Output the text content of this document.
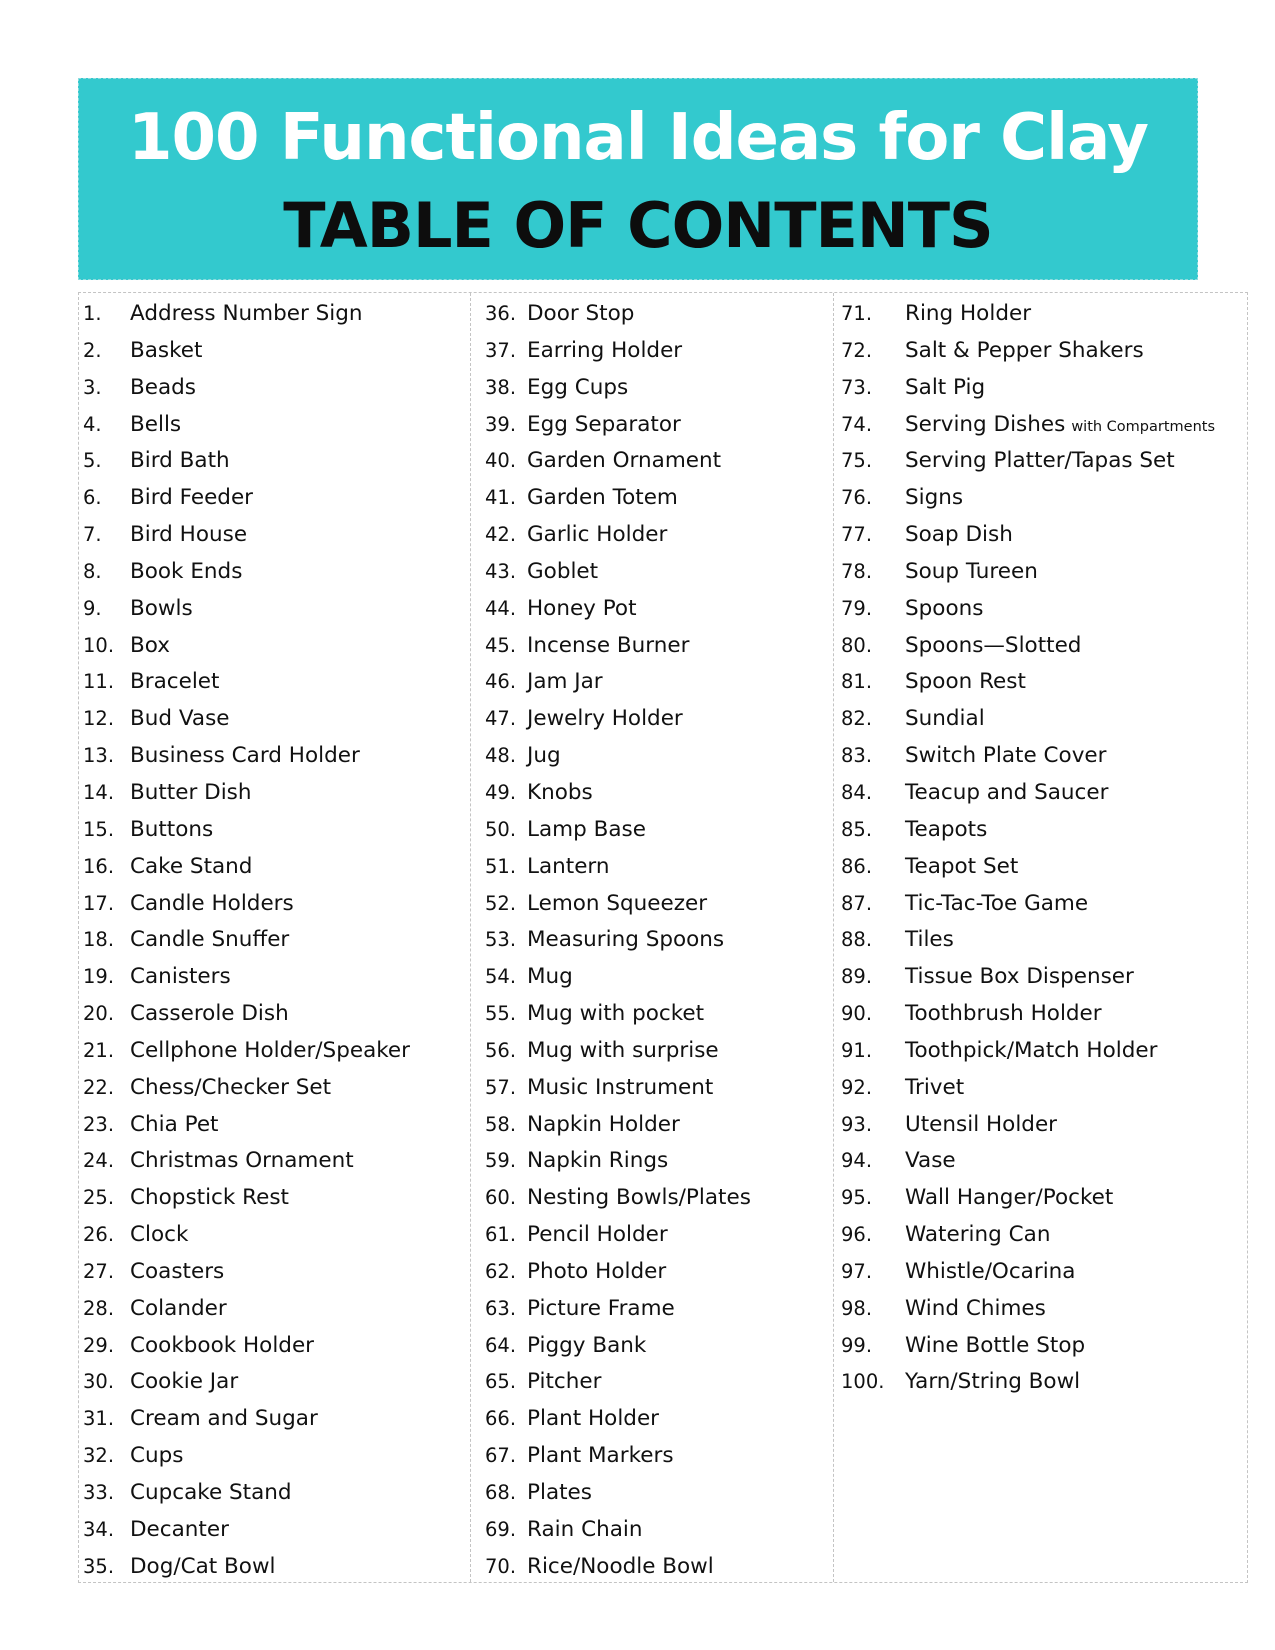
100 Functional Ideas for Clay
TABLE OF CONTENTS
1. Address Number Sign
2. Basket
3. Beads
4. Bells
5. Bird Bath
6. Bird Feeder
7. Bird House
8. Book Ends
9. Bowls
10. Box
11. Bracelet
12. Bud Vase
13. Business Card Holder
14. Butter Dish
15. Buttons
16. Cake Stand
17. Candle Holders
18. Candle Snuffer
19. Canisters
20. Casserole Dish
21. Cellphone Holder/Speaker
22. Chess/Checker Set
23. Chia Pet
24. Christmas Ornament
25. Chopstick Rest
26. Clock
27. Coasters
28. Colander
29. Cookbook Holder
30. Cookie Jar
31. Cream and Sugar
32. Cups
33. Cupcake Stand
34. Decanter
35. Dog/Cat Bowl
36. Door Stop
37. Earring Holder
38. Egg Cups
39. Egg Separator
40. Garden Ornament
41. Garden Totem
42. Garlic Holder
43. Goblet
44. Honey Pot
45. Incense Burner
46. Jam Jar
47. Jewelry Holder
48. Jug
49. Knobs
50. Lamp Base
51. Lantern
52. Lemon Squeezer
53. Measuring Spoons
54. Mug
55. Mug with pocket
56. Mug with surprise
57. Music Instrument
58. Napkin Holder
59. Napkin Rings
60. Nesting Bowls/Plates
61. Pencil Holder
62. Photo Holder
63. Picture Frame
64. Piggy Bank
65. Pitcher
66. Plant Holder
67. Plant Markers
68. Plates
69. Rain Chain
70. Rice/Noodle Bowl
71. Ring Holder
72. Salt & Pepper Shakers
73. Salt Pig
74. Serving Dishes with Compartments
75. Serving Platter/Tapas Set
76. Signs
77. Soap Dish
78. Soup Tureen
79. Spoons
80. Spoons—Slotted
81. Spoon Rest
82. Sundial
83. Switch Plate Cover
84. Teacup and Saucer
85. Teapots
86. Teapot Set
87. Tic-Tac-Toe Game
88. Tiles
89. Tissue Box Dispenser
90. Toothbrush Holder
91. Toothpick/Match Holder
92. Trivet
93. Utensil Holder
94. Vase
95. Wall Hanger/Pocket
96. Watering Can
97. Whistle/Ocarina
98. Wind Chimes
99. Wine Bottle Stop
100. Yarn/String Bowl
